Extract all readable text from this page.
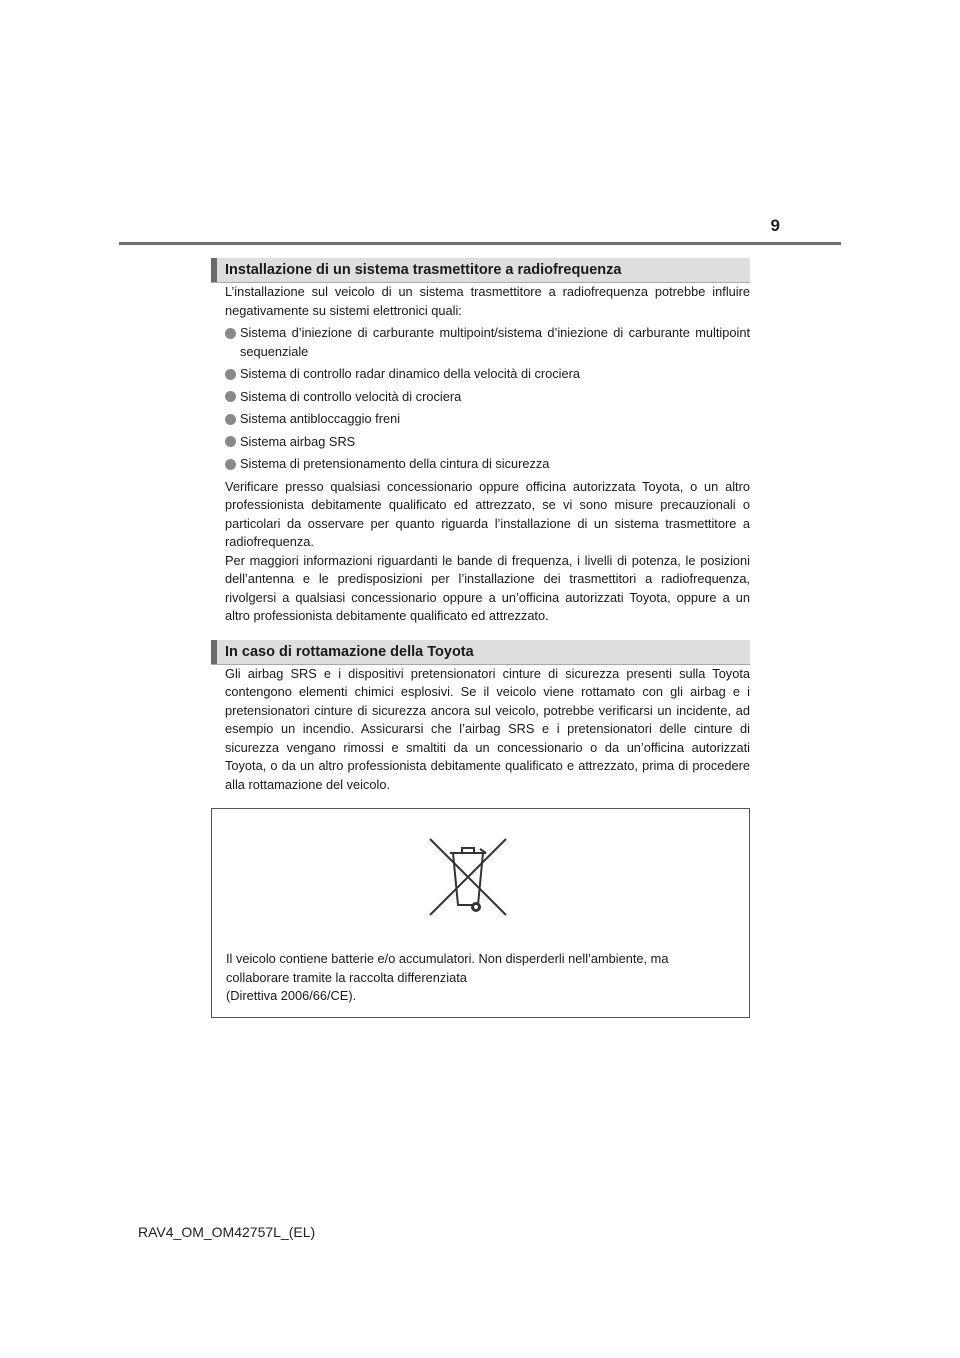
9
Installazione di un sistema trasmettitore a radiofrequenza

L’installazione sul veicolo di un sistema trasmettitore a radiofrequenza potrebbe influire negativamente su sistemi elettronici quali:

Sistema d’iniezione di carburante multipoint/sistema d’iniezione di carburante multipoint sequenziale
Sistema di controllo radar dinamico della velocità di crociera
Sistema di controllo velocità di crociera
Sistema antibloccaggio freni
Sistema airbag SRS
Sistema di pretensionamento della cintura di sicurezza

Verificare presso qualsiasi concessionario oppure officina autorizzata Toyota, o un altro professionista debitamente qualificato ed attrezzato, se vi sono misure precauzionali o particolari da osservare per quanto riguarda l’installazione di un sistema trasmettitore a radiofrequenza.

Per maggiori informazioni riguardanti le bande di frequenza, i livelli di potenza, le posizioni dell’antenna e le predisposizioni per l’installazione dei trasmettitori a radiofrequenza, rivolgersi a qualsiasi concessionario oppure a un’officina autorizzati Toyota, oppure a un altro professionista debitamente qualificato ed attrezzato.

In caso di rottamazione della Toyota

Gli airbag SRS e i dispositivi pretensionatori cinture di sicurezza presenti sulla Toyota contengono elementi chimici esplosivi. Se il veicolo viene rottamato con gli airbag e i pretensionatori cinture di sicurezza ancora sul veicolo, potrebbe verificarsi un incidente, ad esempio un incendio. Assicurarsi che l’airbag SRS e i pretensionatori delle cinture di sicurezza vengano rimossi e smaltiti da un concessionario o da un’officina autorizzati Toyota, o da un altro professionista debitamente qualificato e attrezzato, prima di procedere alla rottamazione del veicolo.

Il veicolo contiene batterie e/o accumulatori. Non disperderli nell’ambiente, ma collaborare tramite la raccolta differenziata
(Direttiva 2006/66/CE).

RAV4_OM_OM42757L_(EL)
